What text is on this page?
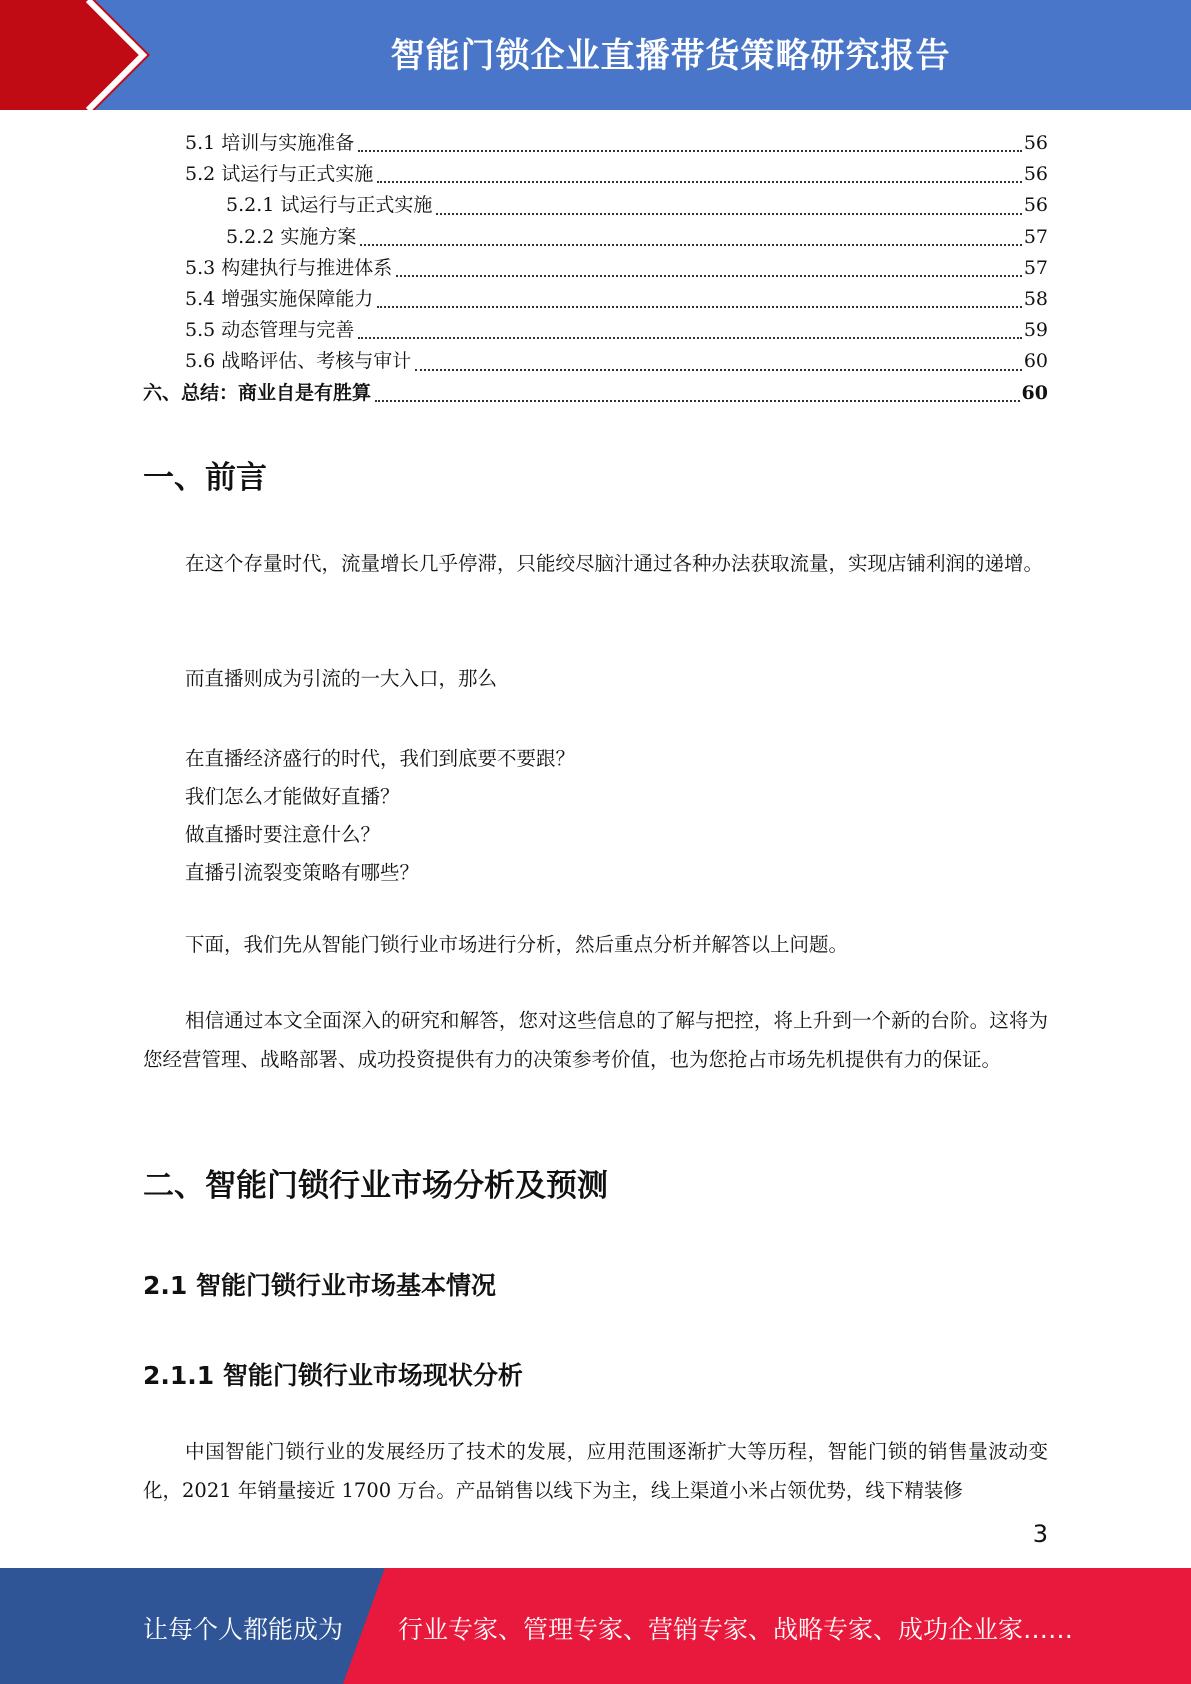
智能门锁企业直播带货策略研究报告
5.1 培训与实施准备	56
5.2 试运行与正式实施	56
5.2.1 试运行与正式实施	56
5.2.2 实施方案	57
5.3 构建执行与推进体系	57
5.4 增强实施保障能力	58
5.5 动态管理与完善	59
5.6 战略评估、考核与审计	60
六、总结：商业自是有胜算	60
一、前言

在这个存量时代，流量增长几乎停滞，只能绞尽脑汁通过各种办法获取流量，实现店铺利润的递增。

而直播则成为引流的一大入口，那么

在直播经济盛行的时代，我们到底要不要跟？

我们怎么才能做好直播？

做直播时要注意什么？

直播引流裂变策略有哪些？

下面，我们先从智能门锁行业市场进行分析，然后重点分析并解答以上问题。

相信通过本文全面深入的研究和解答，您对这些信息的了解与把控，将上升到一个新的台阶。这将为您经营管理、战略部署、成功投资提供有力的决策参考价值，也为您抢占市场先机提供有力的保证。

二、智能门锁行业市场分析及预测
2.1 智能门锁行业市场基本情况
2.1.1 智能门锁行业市场现状分析

中国智能门锁行业的发展经历了技术的发展，应用范围逐渐扩大等历程，智能门锁的销售量波动变化，2021 年销量接近 1700 万台。产品销售以线下为主，线上渠道小米占领优势，线下精装修

3
让每个人都能成为 行业专家、管理专家、营销专家、战略专家、成功企业家……
